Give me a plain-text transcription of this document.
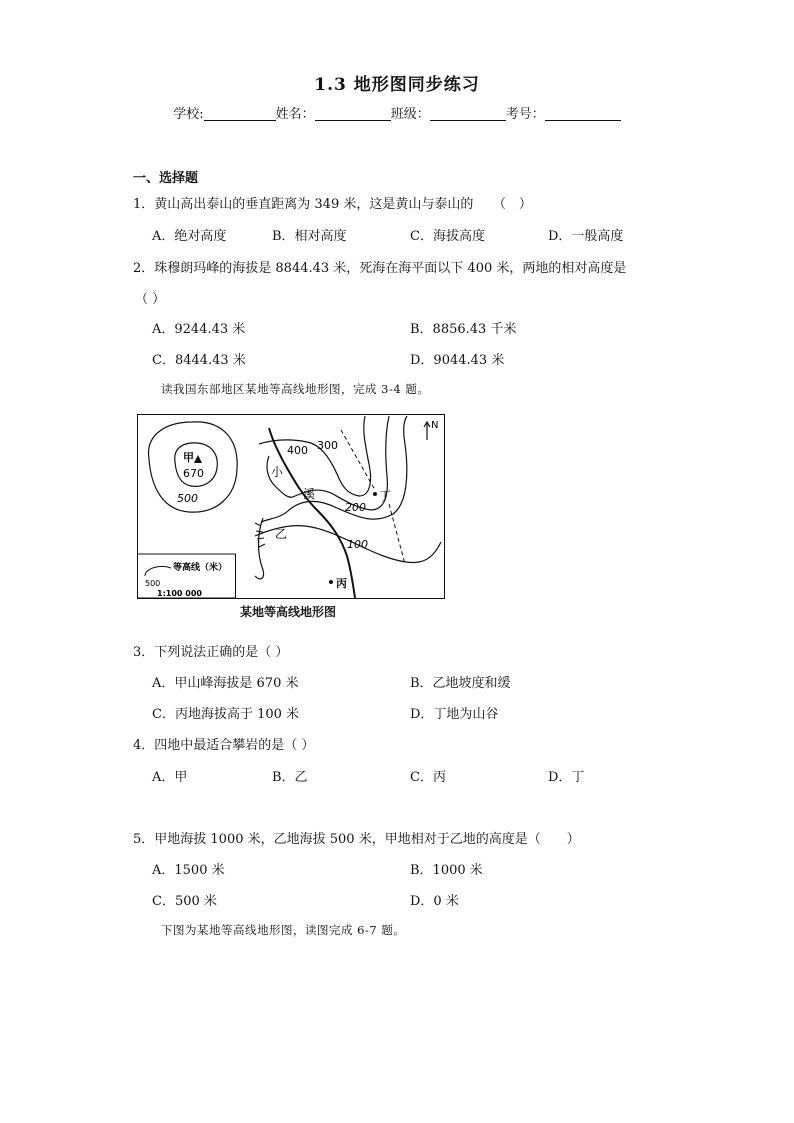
1.3 地形图同步练习
学校:	姓名：	班级：	考号：
一、选择题
1．黄山高出泰山的垂直距离为 349 米，这是黄山与泰山的　　（　）
A．绝对高度	B．相对高度	C．海拔高度	D．一般高度
2．珠穆朗玛峰的海拔是 8844.43 米，死海在海平面以下 400 米，两地的相对高度是
（ ）
A．9244.43 米	B．8856.43 千米
C．8444.43 米	D．9044.43 米
读我国东部地区某地等高线地形图，完成 3-4 题。
甲
670
500
400 300
200
100
小
溪	丁
乙
丙
N
500
等高线（米）
1:100 000
某地等高线地形图
3．下列说法正确的是（ ）
A．甲山峰海拔是 670 米	B．乙地坡度和缓
C．丙地海拔高于 100 米	D．丁地为山谷
4．四地中最适合攀岩的是（ ）
A．甲	B．乙	C．丙	D．丁
5．甲地海拔 1000 米，乙地海拔 500 米，甲地相对于乙地的高度是（　　）
A．1500 米	B．1000 米
C．500 米	D．0 米
下图为某地等高线地形图，读图完成 6-7 题。
